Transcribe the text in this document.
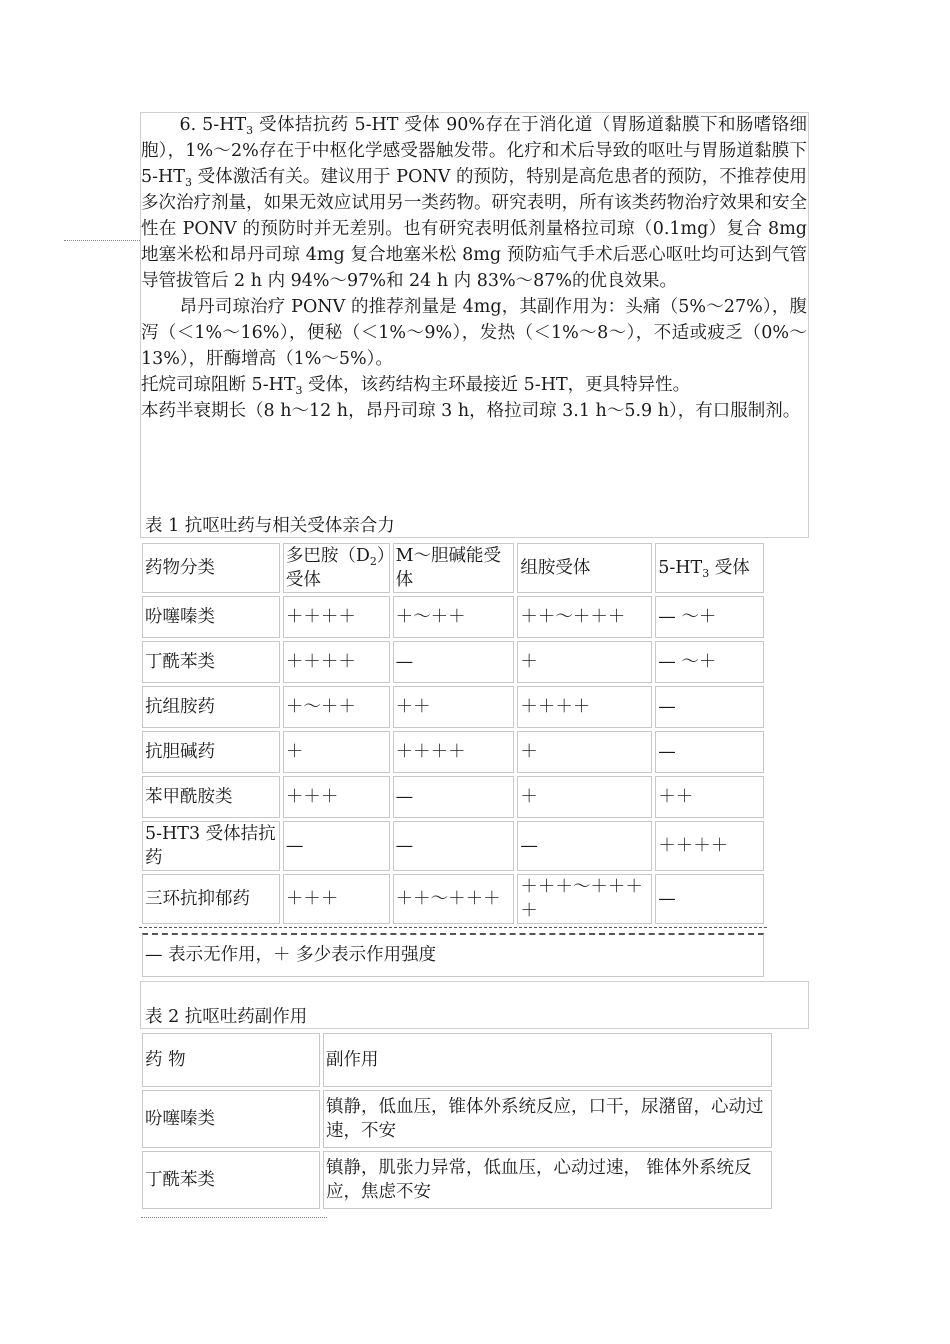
6. $5-HT_3$ 受体拮抗药 5-HT 受体 90%存在于消化道（胃肠道黏膜下和肠嗜铬细胞），1%～2%存在于中枢化学感受器触发带。化疗和术后导致的呕吐与胃肠道黏膜下 $5-HT_3$ 受体激活有关。建议用于 PONV 的预防，特别是高危患者的预防，不推荐使用多次治疗剂量，如果无效应试用另一类药物。研究表明，所有该类药物治疗效果和安全性在 PONV 的预防时并无差别。也有研究表明低剂量格拉司琼（0.1mg）复合 8mg 地塞米松和昂丹司琼 4mg 复合地塞米松 8mg 预防疝气手术后恶心呕吐均可达到气管导管拔管后 2 h 内 94%～97%和 24 h 内 83%～87%的优良效果。

昂丹司琼治疗 PONV 的推荐剂量是 4mg，其副作用为：头痛（5%～27%），腹泻（＜1%～16%），便秘（＜1%～9%），发热（＜1%～8～），不适或疲乏（0%～13%），肝酶增高（1%～5%）。

托烷司琼阻断 $5-HT_3$ 受体，该药结构主环最接近 5-HT，更具特异性。

本药半衰期长（8 h～12 h，昂丹司琼 3 h，格拉司琼 3.1 h～5.9 h），有口服制剂。

表 1 抗呕吐药与相关受体亲合力
药物分类	多巴胺$(D_2)$受体	M～胆碱能受体	组胺受体	$5-HT_3$ 受体
吩噻嗪类	＋＋＋＋	＋～＋＋	＋＋～＋＋＋	— ～＋
丁酰苯类	＋＋＋＋	—	＋	— ～＋
抗组胺药	＋～＋＋	＋＋	＋＋＋＋	—
抗胆碱药	＋	＋＋＋＋	＋	—
苯甲酰胺类	＋＋＋	—	＋	＋＋
5-HT3 受体拮抗药	—	—	—	＋＋＋＋
三环抗抑郁药	＋＋＋	＋＋～＋＋＋	＋＋＋～＋＋＋＋	—
— 表示无作用，＋ 多少表示作用强度
表 2 抗呕吐药副作用
药 物	副作用
吩噻嗪类	镇静，低血压，锥体外系统反应，口干，尿潴留，心动过速，不安
丁酰苯类	镇静，肌张力异常，低血压，心动过速， 锥体外系统反应，焦虑不安
